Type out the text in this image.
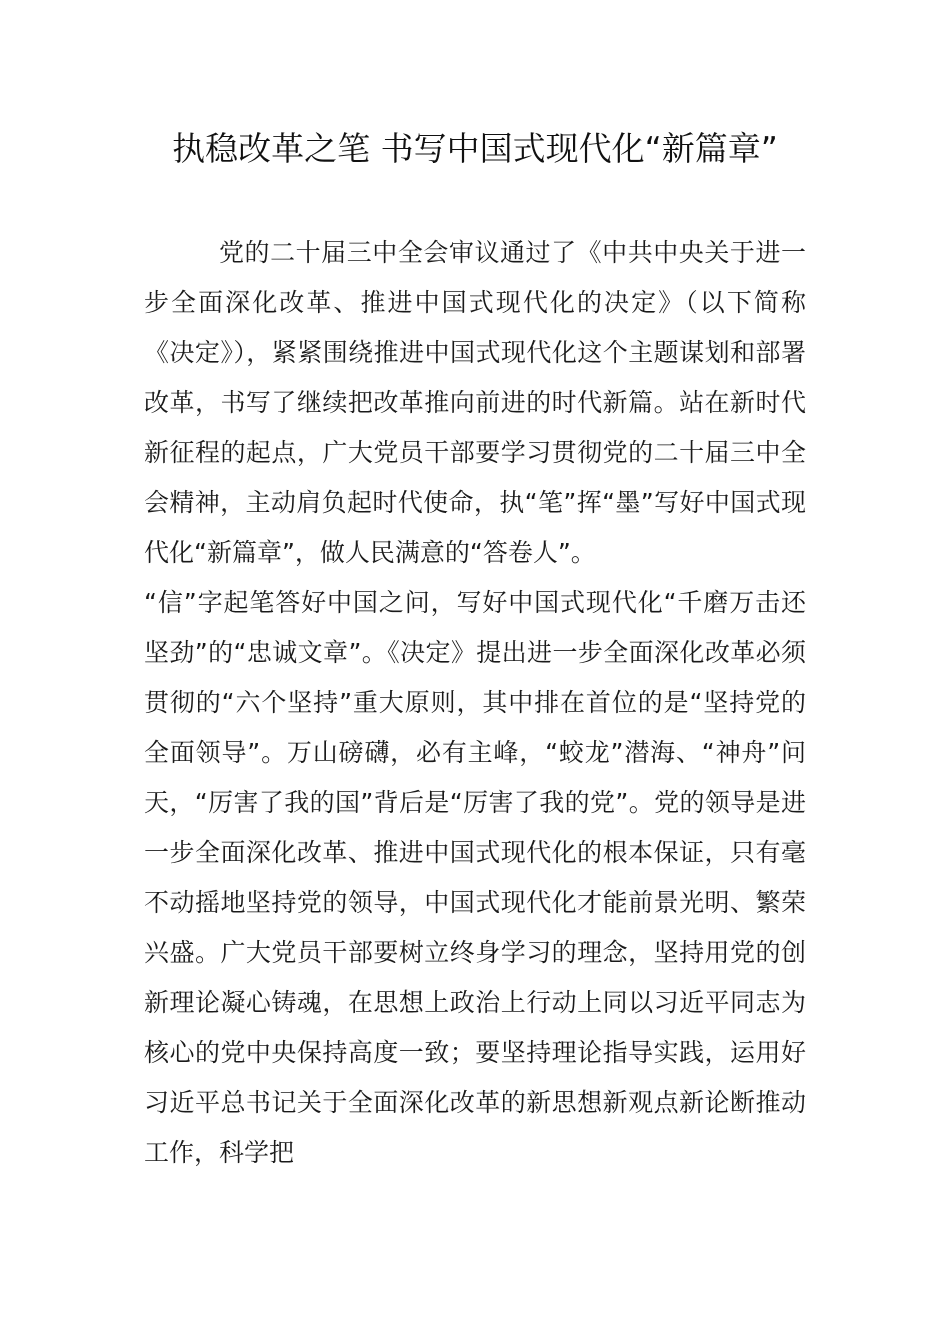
执稳改革之笔 书写中国式现代化“新篇章”

党的二十届三中全会审议通过了《中共中央关于进一步全面深化改革、推进中国式现代化的决定》（以下简称《决定》），紧紧围绕推进中国式现代化这个主题谋划和部署改革，书写了继续把改革推向前进的时代新篇。站在新时代新征程的起点，广大党员干部要学习贯彻党的二十届三中全会精神，主动肩负起时代使命，执“笔”挥“墨”写好中国式现代化“新篇章”，做人民满意的“答卷人”。

“信”字起笔答好中国之问，写好中国式现代化“千磨万击还坚劲”的“忠诚文章”。《决定》提出进一步全面深化改革必须贯彻的“六个坚持”重大原则，其中排在首位的是“坚持党的全面领导”。万山磅礴，必有主峰，“蛟龙”潜海、“神舟”问天，“厉害了我的国”背后是“厉害了我的党”。党的领导是进一步全面深化改革、推进中国式现代化的根本保证，只有毫不动摇地坚持党的领导，中国式现代化才能前景光明、繁荣兴盛。广大党员干部要树立终身学习的理念，坚持用党的创新理论凝心铸魂，在思想上政治上行动上同以习近平同志为核心的党中央保持高度一致；要坚持理论指导实践，运用好习近平总书记关于全面深化改革的新思想新观点新论断推动工作，科学把
